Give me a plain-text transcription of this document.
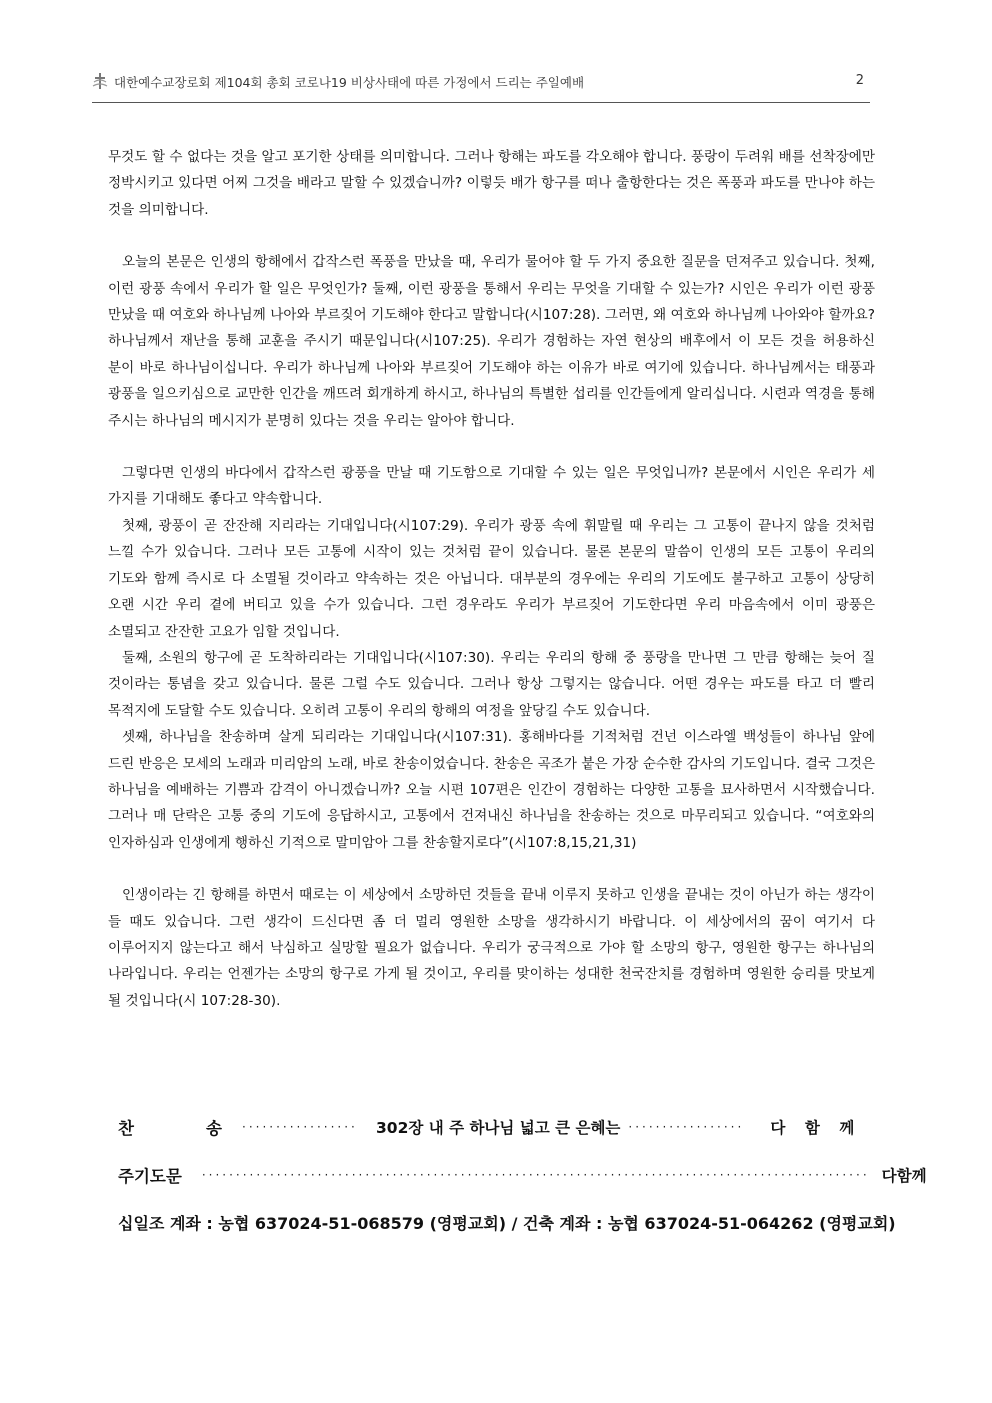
대한예수교장로회 제104회 총회 코로나19 비상사태에 따른 가정에서 드리는 주일예배	2

무것도 할 수 없다는 것을 알고 포기한 상태를 의미합니다. 그러나 항해는 파도를 각오해야 합니다. 풍랑이 두려워 배를 선착장에만 정박시키고 있다면 어찌 그것을 배라고 말할 수 있겠습니까? 이렇듯 배가 항구를 떠나 출항한다는 것은 폭풍과 파도를 만나야 하는 것을 의미합니다.

오늘의 본문은 인생의 항해에서 갑작스런 폭풍을 만났을 때, 우리가 물어야 할 두 가지 중요한 질문을 던져주고 있습니다. 첫째, 이런 광풍 속에서 우리가 할 일은 무엇인가? 둘째, 이런 광풍을 통해서 우리는 무엇을 기대할 수 있는가? 시인은 우리가 이런 광풍 만났을 때 여호와 하나님께 나아와 부르짖어 기도해야 한다고 말합니다(시107:28). 그러면, 왜 여호와 하나님께 나아와야 할까요? 하나님께서 재난을 통해 교훈을 주시기 때문입니다(시107:25). 우리가 경험하는 자연 현상의 배후에서 이 모든 것을 허용하신 분이 바로 하나님이십니다. 우리가 하나님께 나아와 부르짖어 기도해야 하는 이유가 바로 여기에 있습니다. 하나님께서는 태풍과 광풍을 일으키심으로 교만한 인간을 깨뜨려 회개하게 하시고, 하나님의 특별한 섭리를 인간들에게 알리십니다. 시련과 역경을 통해 주시는 하나님의 메시지가 분명히 있다는 것을 우리는 알아야 합니다.

그렇다면 인생의 바다에서 갑작스런 광풍을 만날 때 기도함으로 기대할 수 있는 일은 무엇입니까? 본문에서 시인은 우리가 세 가지를 기대해도 좋다고 약속합니다.

첫째, 광풍이 곧 잔잔해 지리라는 기대입니다(시107:29). 우리가 광풍 속에 휘말릴 때 우리는 그 고통이 끝나지 않을 것처럼 느낄 수가 있습니다. 그러나 모든 고통에 시작이 있는 것처럼 끝이 있습니다. 물론 본문의 말씀이 인생의 모든 고통이 우리의 기도와 함께 즉시로 다 소멸될 것이라고 약속하는 것은 아닙니다. 대부분의 경우에는 우리의 기도에도 불구하고 고통이 상당히 오랜 시간 우리 곁에 버티고 있을 수가 있습니다. 그런 경우라도 우리가 부르짖어 기도한다면 우리 마음속에서 이미 광풍은 소멸되고 잔잔한 고요가 임할 것입니다.

둘째, 소원의 항구에 곧 도착하리라는 기대입니다(시107:30). 우리는 우리의 항해 중 풍랑을 만나면 그 만큼 항해는 늦어 질 것이라는 통념을 갖고 있습니다. 물론 그럴 수도 있습니다. 그러나 항상 그렇지는 않습니다. 어떤 경우는 파도를 타고 더 빨리 목적지에 도달할 수도 있습니다. 오히려 고통이 우리의 항해의 여정을 앞당길 수도 있습니다.

셋째, 하나님을 찬송하며 살게 되리라는 기대입니다(시107:31). 홍해바다를 기적처럼 건넌 이스라엘 백성들이 하나님 앞에 드린 반응은 모세의 노래과 미리암의 노래, 바로 찬송이었습니다. 찬송은 곡조가 붙은 가장 순수한 감사의 기도입니다. 결국 그것은 하나님을 예배하는 기쁨과 감격이 아니겠습니까? 오늘 시편 107편은 인간이 경험하는 다양한 고통을 묘사하면서 시작했습니다. 그러나 매 단락은 고통 중의 기도에 응답하시고, 고통에서 건져내신 하나님을 찬송하는 것으로 마무리되고 있습니다. “여호와의 인자하심과 인생에게 행하신 기적으로 말미암아 그를 찬송할지로다”(시107:8,15,21,31)

인생이라는 긴 항해를 하면서 때로는 이 세상에서 소망하던 것들을 끝내 이루지 못하고 인생을 끝내는 것이 아닌가 하는 생각이 들 때도 있습니다. 그런 생각이 드신다면 좀 더 멀리 영원한 소망을 생각하시기 바랍니다. 이 세상에서의 꿈이 여기서 다 이루어지지 않는다고 해서 낙심하고 실망할 필요가 없습니다. 우리가 궁극적으로 가야 할 소망의 항구, 영원한 항구는 하나님의 나라입니다. 우리는 언젠가는 소망의 항구로 가게 될 것이고, 우리를 맞이하는 성대한 천국잔치를 경험하며 영원한 승리를 맛보게 될 것입니다(시 107:28-30).

찬	송 ·················	302장 내 주 하나님 넓고 큰 은혜는 ·················	다 함 께
주 기 도 문 ·································································································· 다 함 께
십일조 계좌 : 농협 637024-51-068579 (영평교회) / 건축 계좌 : 농협 637024-51-064262 (영평교회)
